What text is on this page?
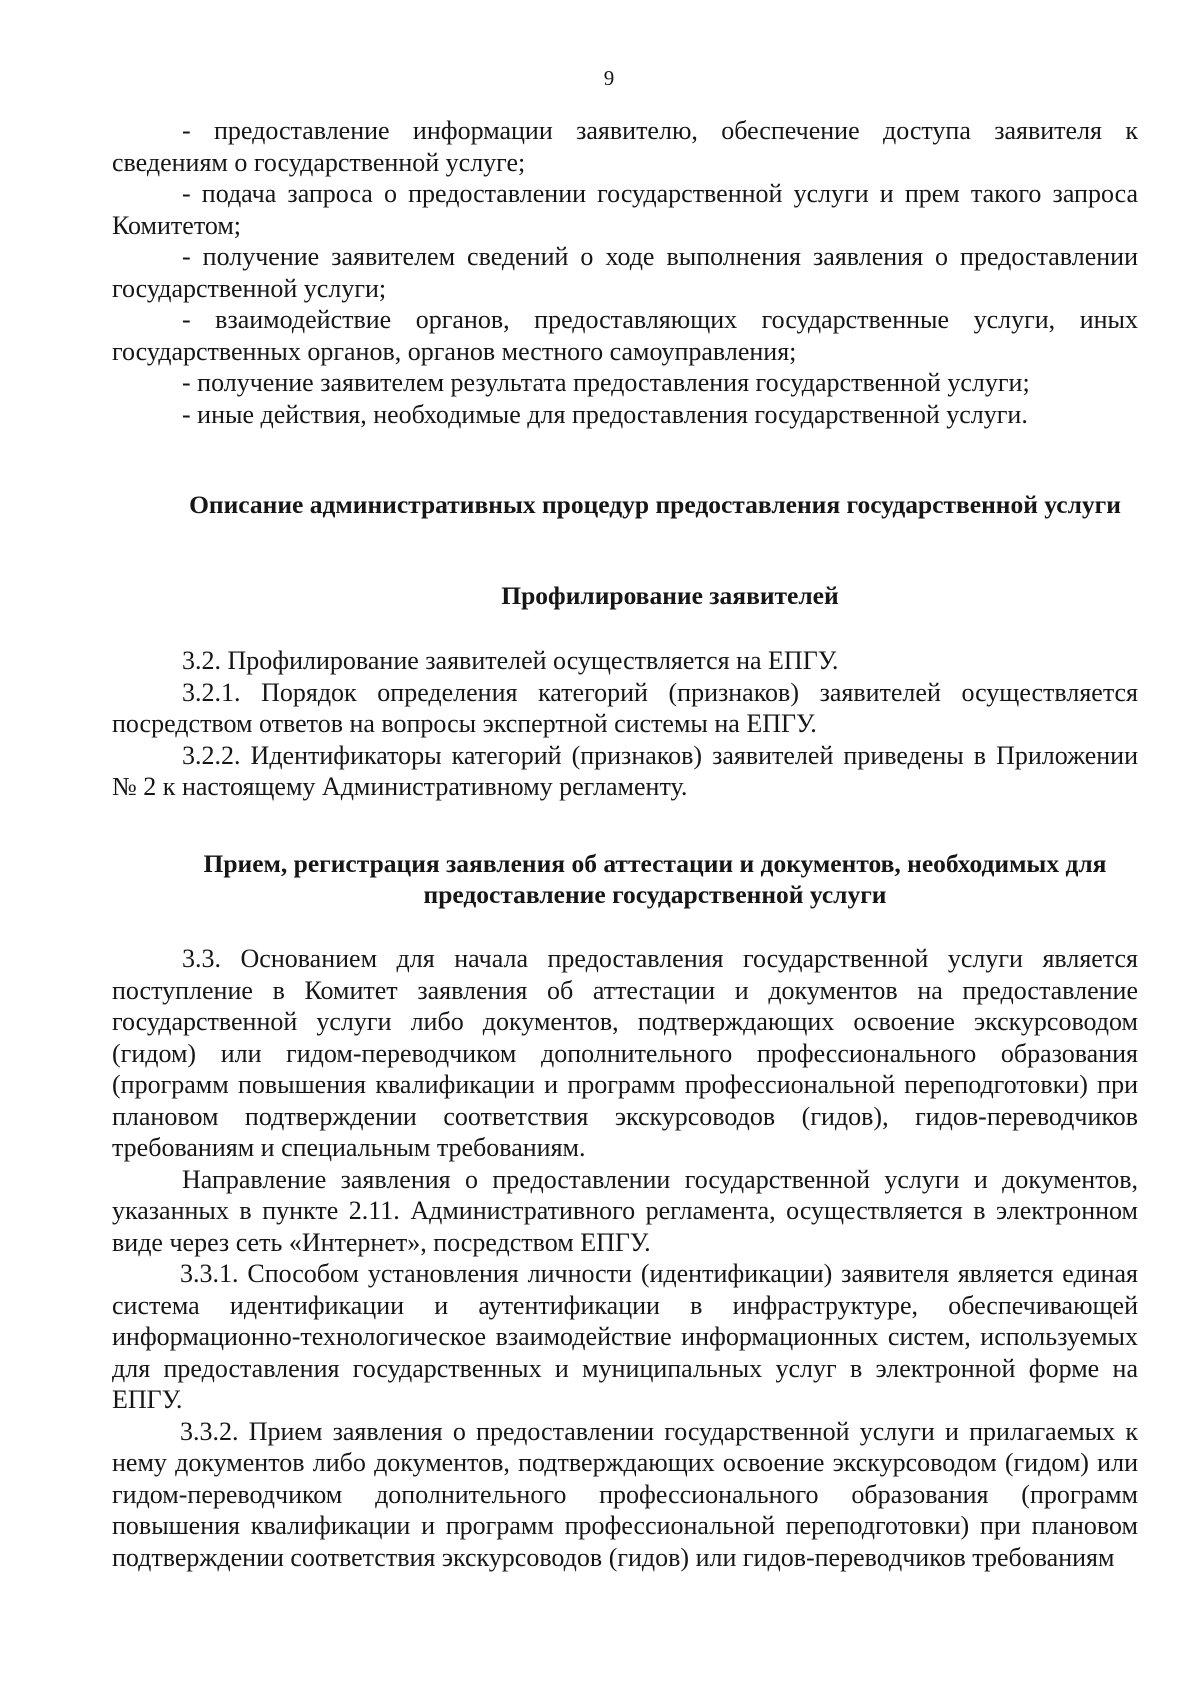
9

- предоставление информации заявителю, обеспечение доступа заявителя к сведениям о государственной услуге;

- подача запроса о предоставлении государственной услуги и прем такого запроса Комитетом;

- получение заявителем сведений о ходе выполнения заявления о предоставлении государственной услуги;

- взаимодействие органов, предоставляющих государственные услуги, иных государственных органов, органов местного самоуправления;

- получение заявителем результата предоставления государственной услуги;

- иные действия, необходимые для предоставления государственной услуги.

Описание административных процедур предоставления государственной услуги
Профилирование заявителей

3.2. Профилирование заявителей осуществляется на ЕПГУ.

3.2.1. Порядок определения категорий (признаков) заявителей осуществляется посредством ответов на вопросы экспертной системы на ЕПГУ.

3.2.2. Идентификаторы категорий (признаков) заявителей приведены в Приложении № 2 к настоящему Административному регламенту.

Прием, регистрация заявления об аттестации и документов, необходимых для предоставление государственной услуги

3.3. Основанием для начала предоставления государственной услуги является поступление в Комитет заявления об аттестации и документов на предоставление государственной услуги либо документов, подтверждающих освоение экскурсоводом (гидом) или гидом-переводчиком дополнительного профессионального образования (программ повышения квалификации и программ профессиональной переподготовки) при плановом подтверждении соответствия экскурсоводов (гидов), гидов-переводчиков требованиям и специальным требованиям.

Направление заявления о предоставлении государственной услуги и документов, указанных в пункте 2.11. Административного регламента, осуществляется в электронном виде через сеть «Интернет», посредством ЕПГУ.

3.3.1. Способом установления личности (идентификации) заявителя является единая система идентификации и аутентификации в инфраструктуре, обеспечивающей информационно-технологическое взаимодействие информационных систем, используемых для предоставления государственных и муниципальных услуг в электронной форме на ЕПГУ.

3.3.2. Прием заявления о предоставлении государственной услуги и прилагаемых к нему документов либо документов, подтверждающих освоение экскурсоводом (гидом) или гидом-переводчиком дополнительного профессионального образования (программ повышения квалификации и программ профессиональной переподготовки) при плановом подтверждении соответствия экскурсоводов (гидов) или гидов-переводчиков требованиям
